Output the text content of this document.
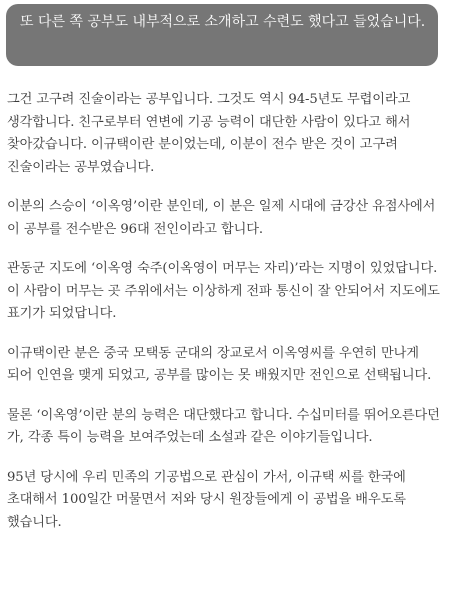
또 다른 쪽 공부도 내부적으로 소개하고 수련도 했다고 들었습니다.

그건 고구려 진술이라는 공부입니다. 그것도 역시 94-5년도 무렵이라고 생각합니다. 친구로부터 연변에 기공 능력이 대단한 사람이 있다고 해서 찾아갔습니다. 이규택이란 분이었는데, 이분이 전수 받은 것이 고구려 진술이라는 공부였습니다.

이분의 스승이 ‘이옥영’이란 분인데, 이 분은 일제 시대에 금강산 유점사에서 이 공부를 전수받은 96대 전인이라고 합니다.

관동군 지도에 ‘이옥영 숙주(이옥영이 머무는 자리)’라는 지명이 있었답니다. 이 사람이 머무는 곳 주위에서는 이상하게 전파 통신이 잘 안되어서 지도에도 표기가 되었답니다.

이규택이란 분은 중국 모택동 군대의 장교로서 이옥영씨를 우연히 만나게 되어 인연을 맺게 되었고, 공부를 많이는 못 배웠지만 전인으로 선택됩니다.

물론 ‘이옥영’이란 분의 능력은 대단했다고 합니다. 수십미터를 뛰어오른다던 가, 각종 특이 능력을 보여주었는데 소설과 같은 이야기들입니다.

95년 당시에 우리 민족의 기공법으로 관심이 가서, 이규택 씨를 한국에 초대해서 100일간 머물면서 저와 당시 원장들에게 이 공법을 배우도록 했습니다.
